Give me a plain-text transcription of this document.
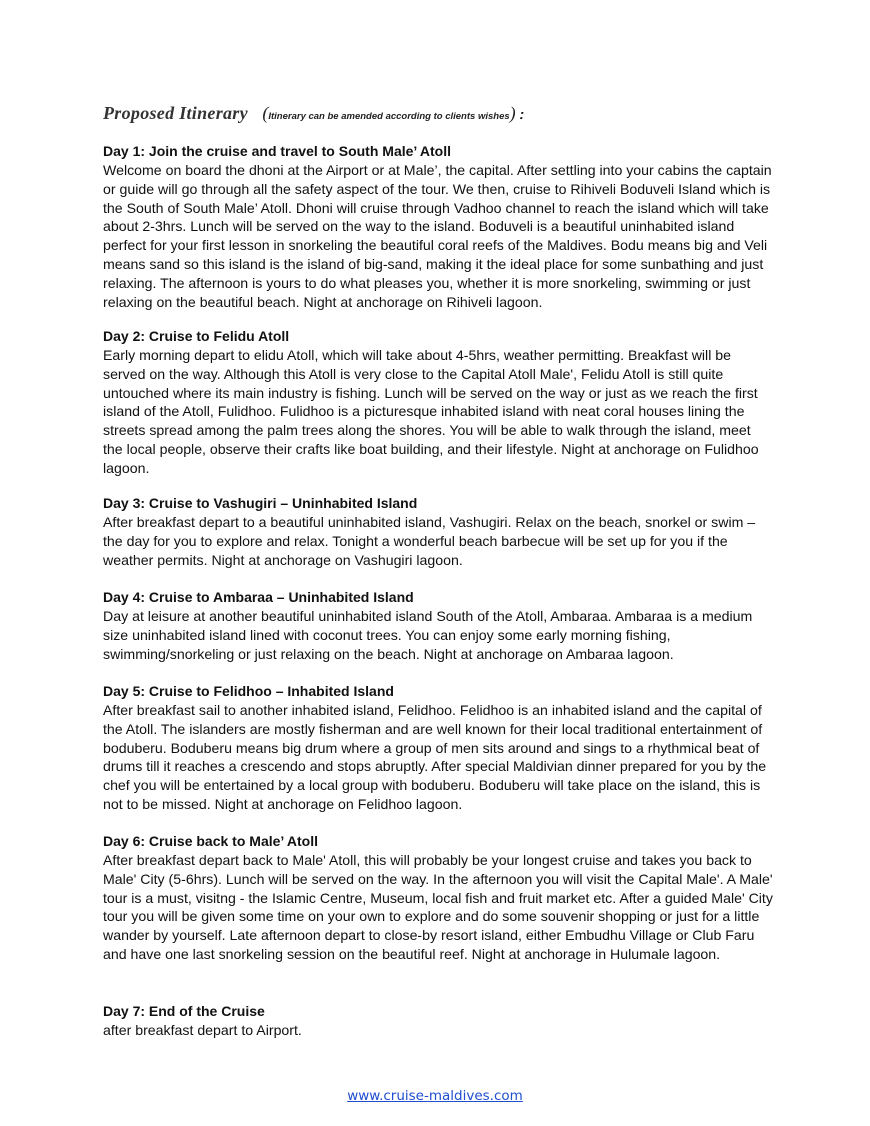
Proposed Itinerary (Itinerary can be amended according to clients wishes) :
Day 1: Join the cruise and travel to South Male’ Atoll

Welcome on board the dhoni at the Airport or at Male’, the capital. After settling into your cabins the captain or guide will go through all the safety aspect of the tour. We then, cruise to Rihiveli Boduveli Island which is the South of South Male’ Atoll. Dhoni will cruise through Vadhoo channel to reach the island which will take about 2-3hrs. Lunch will be served on the way to the island. Boduveli is a beautiful uninhabited island perfect for your first lesson in snorkeling the beautiful coral reefs of the Maldives. Bodu means big and Veli means sand so this island is the island of big-sand, making it the ideal place for some sunbathing and just relaxing. The afternoon is yours to do what pleases you, whether it is more snorkeling, swimming or just relaxing on the beautiful beach. Night at anchorage on Rihiveli lagoon.

Day 2: Cruise to Felidu Atoll

Early morning depart to elidu Atoll, which will take about 4-5hrs, weather permitting. Breakfast will be served on the way. Although this Atoll is very close to the Capital Atoll Male', Felidu Atoll is still quite untouched where its main industry is fishing. Lunch will be served on the way or just as we reach the first island of the Atoll, Fulidhoo. Fulidhoo is a picturesque inhabited island with neat coral houses lining the streets spread among the palm trees along the shores. You will be able to walk through the island, meet the local people, observe their crafts like boat building, and their lifestyle. Night at anchorage on Fulidhoo lagoon.

Day 3: Cruise to Vashugiri – Uninhabited Island

After breakfast depart to a beautiful uninhabited island, Vashugiri. Relax on the beach, snorkel or swim – the day for you to explore and relax. Tonight a wonderful beach barbecue will be set up for you if the weather permits. Night at anchorage on Vashugiri lagoon.

Day 4: Cruise to Ambaraa – Uninhabited Island

Day at leisure at another beautiful uninhabited island South of the Atoll, Ambaraa. Ambaraa is a medium size uninhabited island lined with coconut trees. You can enjoy some early morning fishing, swimming/snorkeling or just relaxing on the beach. Night at anchorage on Ambaraa lagoon.

Day 5: Cruise to Felidhoo – Inhabited Island

After breakfast sail to another inhabited island, Felidhoo. Felidhoo is an inhabited island and the capital of the Atoll. The islanders are mostly fisherman and are well known for their local traditional entertainment of boduberu. Boduberu means big drum where a group of men sits around and sings to a rhythmical beat of drums till it reaches a crescendo and stops abruptly. After special Maldivian dinner prepared for you by the chef you will be entertained by a local group with boduberu. Boduberu will take place on the island, this is not to be missed. Night at anchorage on Felidhoo lagoon.

Day 6: Cruise back to Male’ Atoll

After breakfast depart back to Male' Atoll, this will probably be your longest cruise and takes you back to Male' City (5-6hrs). Lunch will be served on the way. In the afternoon you will visit the Capital Male'. A Male' tour is a must, visitng - the Islamic Centre, Museum, local fish and fruit market etc. After a guided Male' City tour you will be given some time on your own to explore and do some souvenir shopping or just for a little wander by yourself. Late afternoon depart to close-by resort island, either Embudhu Village or Club Faru and have one last snorkeling session on the beautiful reef. Night at anchorage in Hulumale lagoon.

Day 7: End of the Cruise

after breakfast depart to Airport.

www.cruise-maldives.com
